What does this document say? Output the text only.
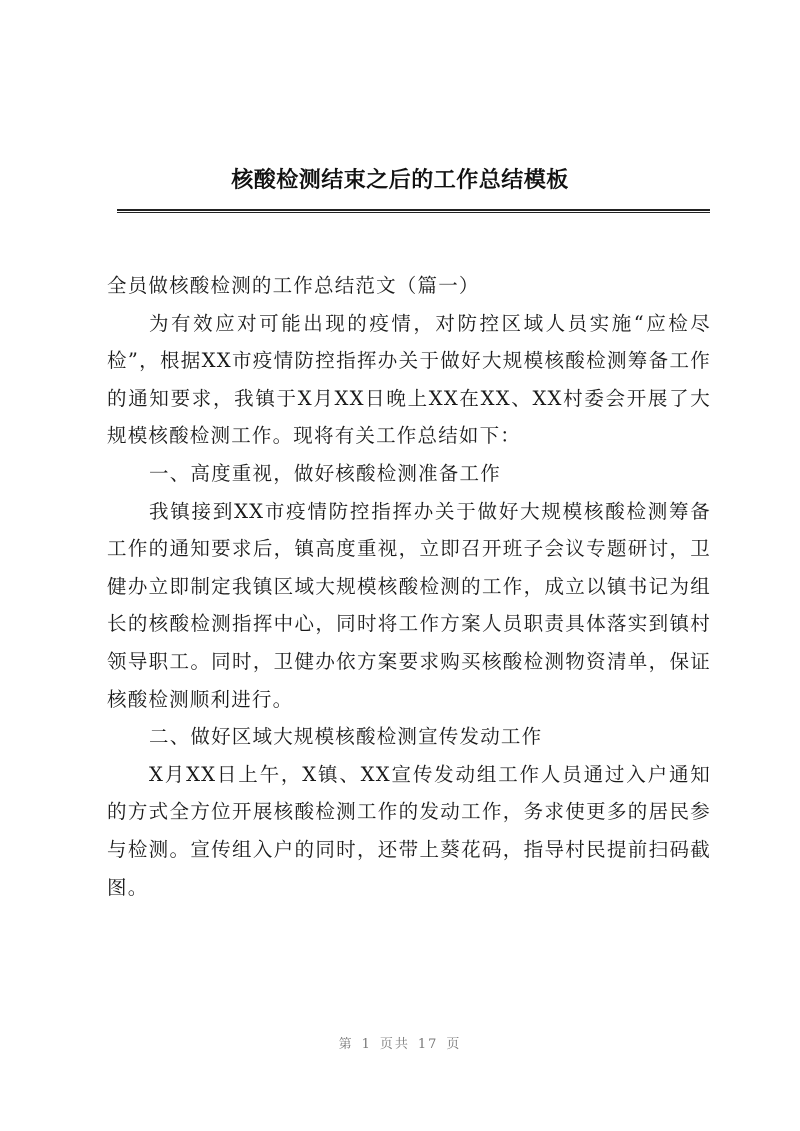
核酸检测结束之后的工作总结模板

全员做核酸检测的工作总结范文（篇一）

为有效应对可能出现的疫情，对防控区域人员实施“应检尽检”，根据XX市疫情防控指挥办关于做好大规模核酸检测筹备工作的通知要求，我镇于X月XX日晚上XX在XX、XX村委会开展了大规模核酸检测工作。现将有关工作总结如下：

一、高度重视，做好核酸检测准备工作

我镇接到XX市疫情防控指挥办关于做好大规模核酸检测筹备工作的通知要求后，镇高度重视，立即召开班子会议专题研讨，卫健办立即制定我镇区域大规模核酸检测的工作，成立以镇书记为组长的核酸检测指挥中心，同时将工作方案人员职责具体落实到镇村领导职工。同时，卫健办依方案要求购买核酸检测物资清单，保证核酸检测顺利进行。

二、做好区域大规模核酸检测宣传发动工作

X月XX日上午，X镇、XX宣传发动组工作人员通过入户通知的方式全方位开展核酸检测工作的发动工作，务求使更多的居民参与检测。宣传组入户的同时，还带上葵花码，指导村民提前扫码截图。

第 1 页共 17 页
